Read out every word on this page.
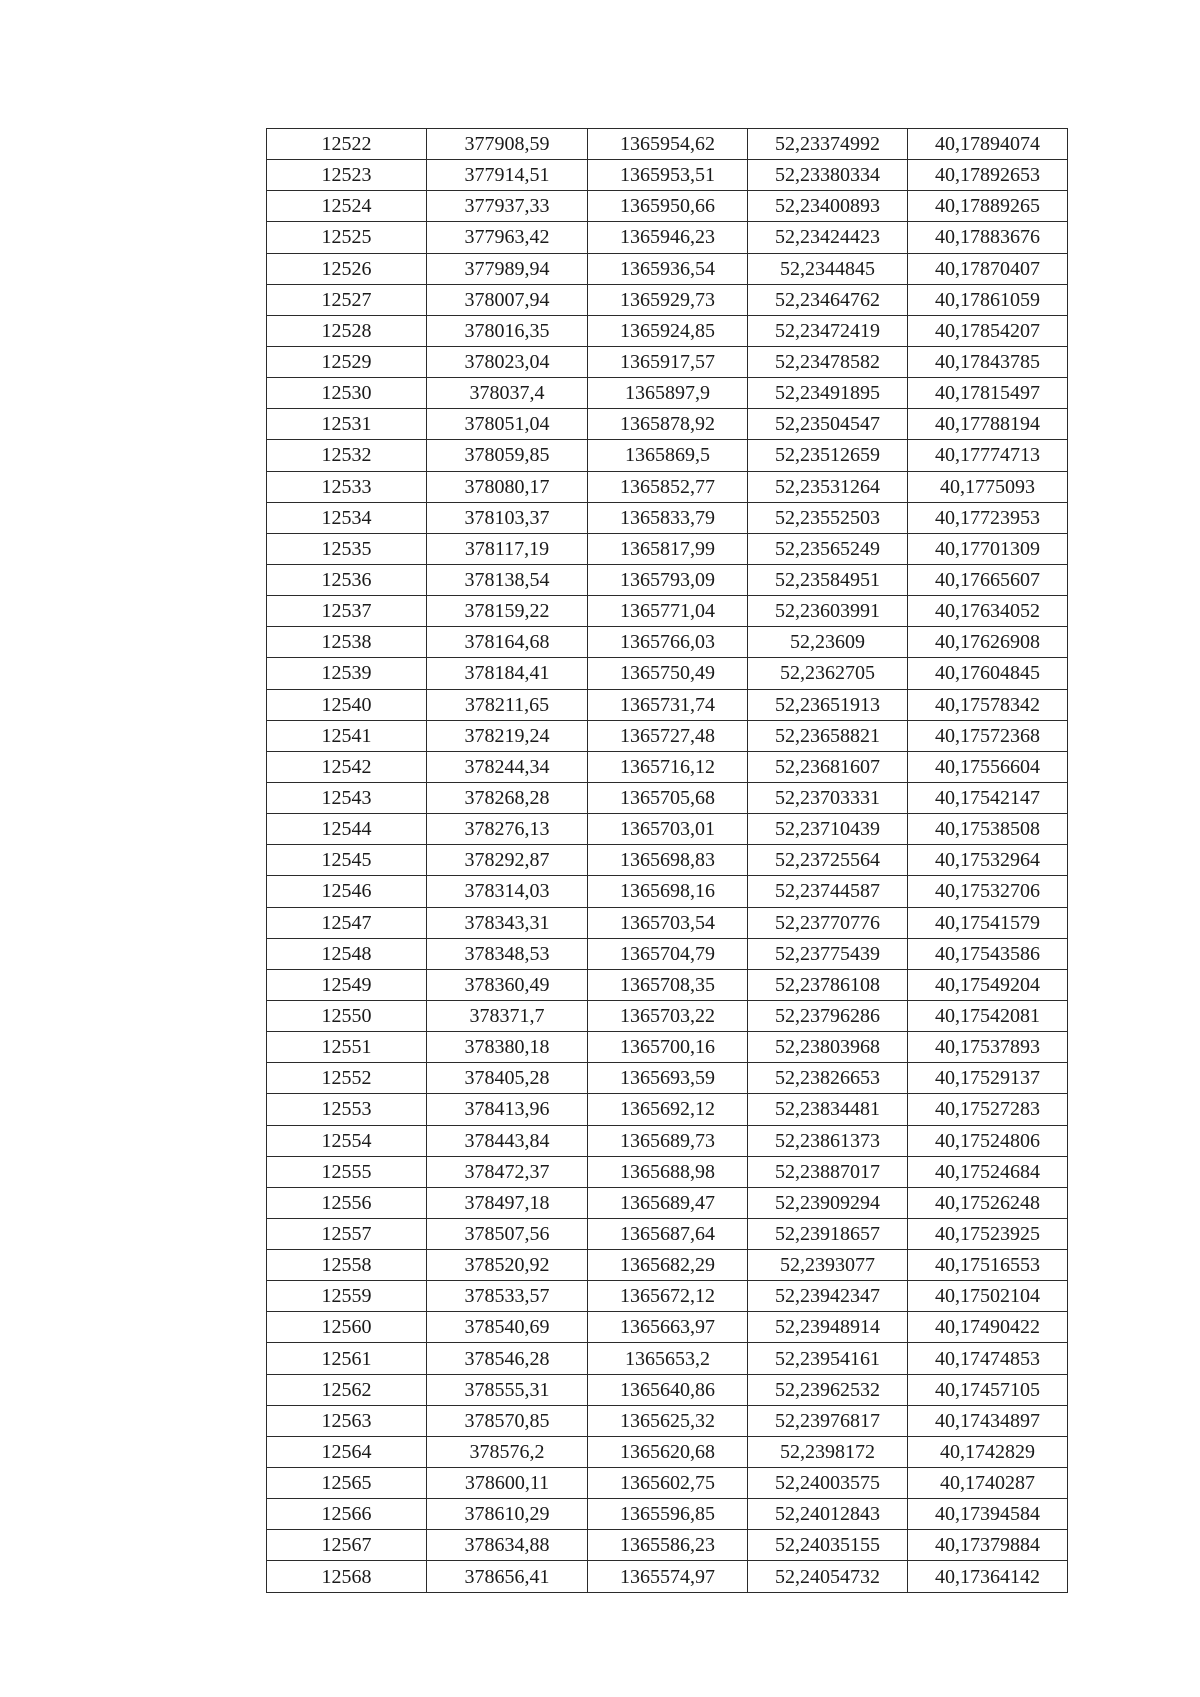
12522	377908,59	1365954,62	52,23374992	40,17894074
12523	377914,51	1365953,51	52,23380334	40,17892653
12524	377937,33	1365950,66	52,23400893	40,17889265
12525	377963,42	1365946,23	52,23424423	40,17883676
12526	377989,94	1365936,54	52,2344845	40,17870407
12527	378007,94	1365929,73	52,23464762	40,17861059
12528	378016,35	1365924,85	52,23472419	40,17854207
12529	378023,04	1365917,57	52,23478582	40,17843785
12530	378037,4	1365897,9	52,23491895	40,17815497
12531	378051,04	1365878,92	52,23504547	40,17788194
12532	378059,85	1365869,5	52,23512659	40,17774713
12533	378080,17	1365852,77	52,23531264	40,1775093
12534	378103,37	1365833,79	52,23552503	40,17723953
12535	378117,19	1365817,99	52,23565249	40,17701309
12536	378138,54	1365793,09	52,23584951	40,17665607
12537	378159,22	1365771,04	52,23603991	40,17634052
12538	378164,68	1365766,03	52,23609	40,17626908
12539	378184,41	1365750,49	52,2362705	40,17604845
12540	378211,65	1365731,74	52,23651913	40,17578342
12541	378219,24	1365727,48	52,23658821	40,17572368
12542	378244,34	1365716,12	52,23681607	40,17556604
12543	378268,28	1365705,68	52,23703331	40,17542147
12544	378276,13	1365703,01	52,23710439	40,17538508
12545	378292,87	1365698,83	52,23725564	40,17532964
12546	378314,03	1365698,16	52,23744587	40,17532706
12547	378343,31	1365703,54	52,23770776	40,17541579
12548	378348,53	1365704,79	52,23775439	40,17543586
12549	378360,49	1365708,35	52,23786108	40,17549204
12550	378371,7	1365703,22	52,23796286	40,17542081
12551	378380,18	1365700,16	52,23803968	40,17537893
12552	378405,28	1365693,59	52,23826653	40,17529137
12553	378413,96	1365692,12	52,23834481	40,17527283
12554	378443,84	1365689,73	52,23861373	40,17524806
12555	378472,37	1365688,98	52,23887017	40,17524684
12556	378497,18	1365689,47	52,23909294	40,17526248
12557	378507,56	1365687,64	52,23918657	40,17523925
12558	378520,92	1365682,29	52,2393077	40,17516553
12559	378533,57	1365672,12	52,23942347	40,17502104
12560	378540,69	1365663,97	52,23948914	40,17490422
12561	378546,28	1365653,2	52,23954161	40,17474853
12562	378555,31	1365640,86	52,23962532	40,17457105
12563	378570,85	1365625,32	52,23976817	40,17434897
12564	378576,2	1365620,68	52,2398172	40,1742829
12565	378600,11	1365602,75	52,24003575	40,1740287
12566	378610,29	1365596,85	52,24012843	40,17394584
12567	378634,88	1365586,23	52,24035155	40,17379884
12568	378656,41	1365574,97	52,24054732	40,17364142
